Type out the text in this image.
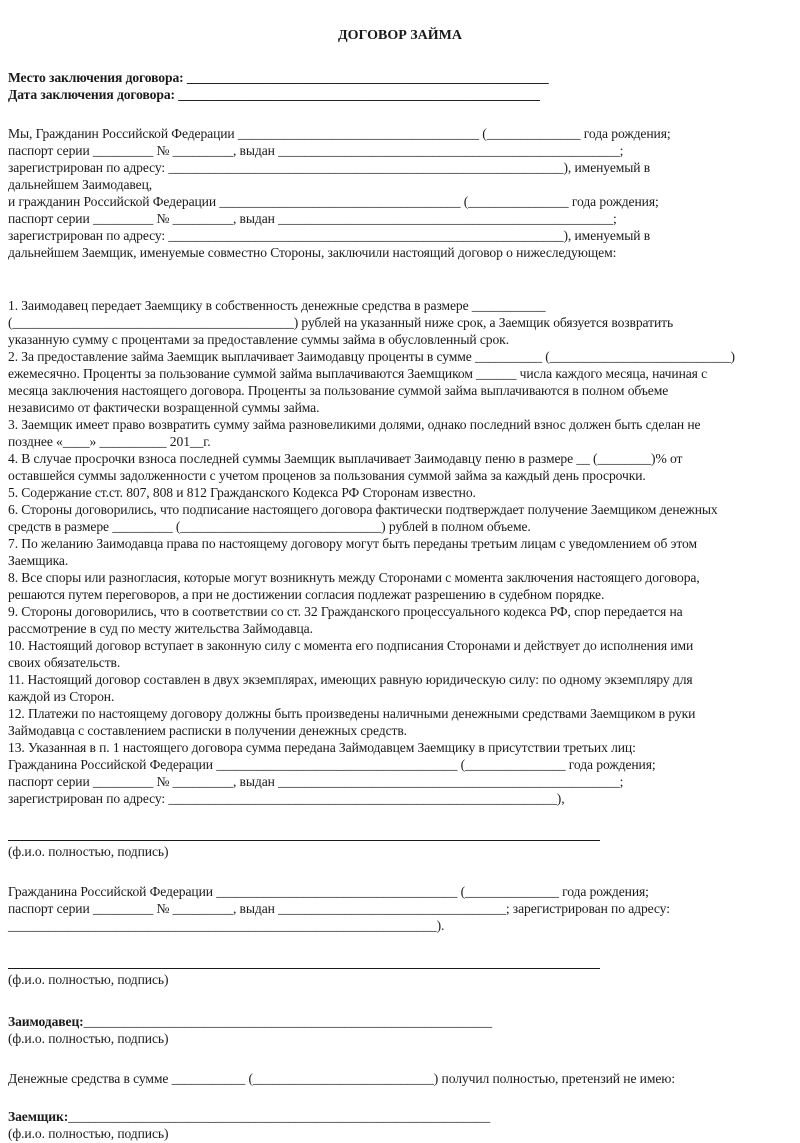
ДОГОВОР ЗАЙМА
Место заключения договора: ______________________________________________________
Дата заключения договора: ______________________________________________________
Мы, Гражданин Российской Федерации ____________________________________ (______________ года рождения;
паспорт серии _________ № _________, выдан ___________________________________________________;
зарегистрирован по адресу: ___________________________________________________________), именуемый в
дальнейшем Заимодавец,
и гражданин Российской Федерации ____________________________________ (_______________ года рождения;
паспорт серии _________ № _________, выдан __________________________________________________;
зарегистрирован по адресу: ___________________________________________________________), именуемый в
дальнейшем Заемщик, именуемые совместно Стороны, заключили настоящий договор о нижеследующем:
1. Заимодавец передает Заемщику в собственность денежные средства в размере ___________
(__________________________________________) рублей на указанный ниже срок, а Заемщик обязуется возвратить
указанную сумму с процентами за предоставление суммы займа в обусловленный срок.
2. За предоставление займа Заемщик выплачивает Заимодавцу проценты в сумме __________ (___________________________)
ежемесячно. Проценты за пользование суммой займа выплачиваются Заемщиком ______ числа каждого месяца, начиная с
месяца заключения настоящего договора. Проценты за пользование суммой займа выплачиваются в полном объеме
независимо от фактически возращенной суммы займа.
3. Заемщик имеет право возвратить сумму займа разновеликими долями, однако последний взнос должен быть сделан не
позднее «____» __________ 201__г.
4. В случае просрочки взноса последней суммы Заемщик выплачивает Заимодавцу пеню в размере __ (________)% от
оставшейся суммы задолженности с учетом проценов за пользования суммой займа за каждый день просрочки.
5. Содержание ст.ст. 807, 808 и 812 Гражданского Кодекса РФ Сторонам известно.
6. Стороны договорились, что подписание настоящего договора фактически подтверждает получение Заемщиком денежных
средств в размере _________ (______________________________) рублей в полном объеме.
7. По желанию Заимодавца права по настоящему договору могут быть переданы третьим лицам с уведомлением об этом
Заемщика.
8. Все споры или разногласия, которые могут возникнуть между Сторонами с момента заключения настоящего договора,
решаются путем переговоров, а при не достижении согласия подлежат разрешению в судебном порядке.
9. Стороны договорились, что в соответствии со ст. 32 Гражданского процессуального кодекса РФ, спор передается на
рассмотрение в суд по месту жительства Займодавца.
10. Настоящий договор вступает в законную силу с момента его подписания Сторонами и действует до исполнения ими
своих обязательств.
11. Настоящий договор составлен в двух экземплярах, имеющих равную юридическую силу: по одному экземпляру для
каждой из Сторон.
12. Платежи по настоящему договору должны быть произведены наличными денежными средствами Заемщиком в руки
Займодавца с составлением расписки в получении денежных средств.
13. Указанная в п. 1 настоящего договора сумма передана Займодавцем Заемщику в присутствии третьих лиц:
Гражданина Российской Федерации ____________________________________ (_______________ года рождения;
паспорт серии _________ № _________, выдан ___________________________________________________;
зарегистрирован по адресу: __________________________________________________________),
(ф.и.о. полностью, подпись)
Гражданина Российской Федерации ____________________________________ (______________ года рождения;
паспорт серии _________ № _________, выдан __________________________________; зарегистрирован по адресу:
________________________________________________________________).
(ф.и.о. полностью, подпись)
Заимодавец:_____________________________________________________________
(ф.и.о. полностью, подпись)
Денежные средства в сумме ___________ (___________________________) получил полностью, претензий не имею:
Заемщик:_______________________________________________________________
(ф.и.о. полностью, подпись)
